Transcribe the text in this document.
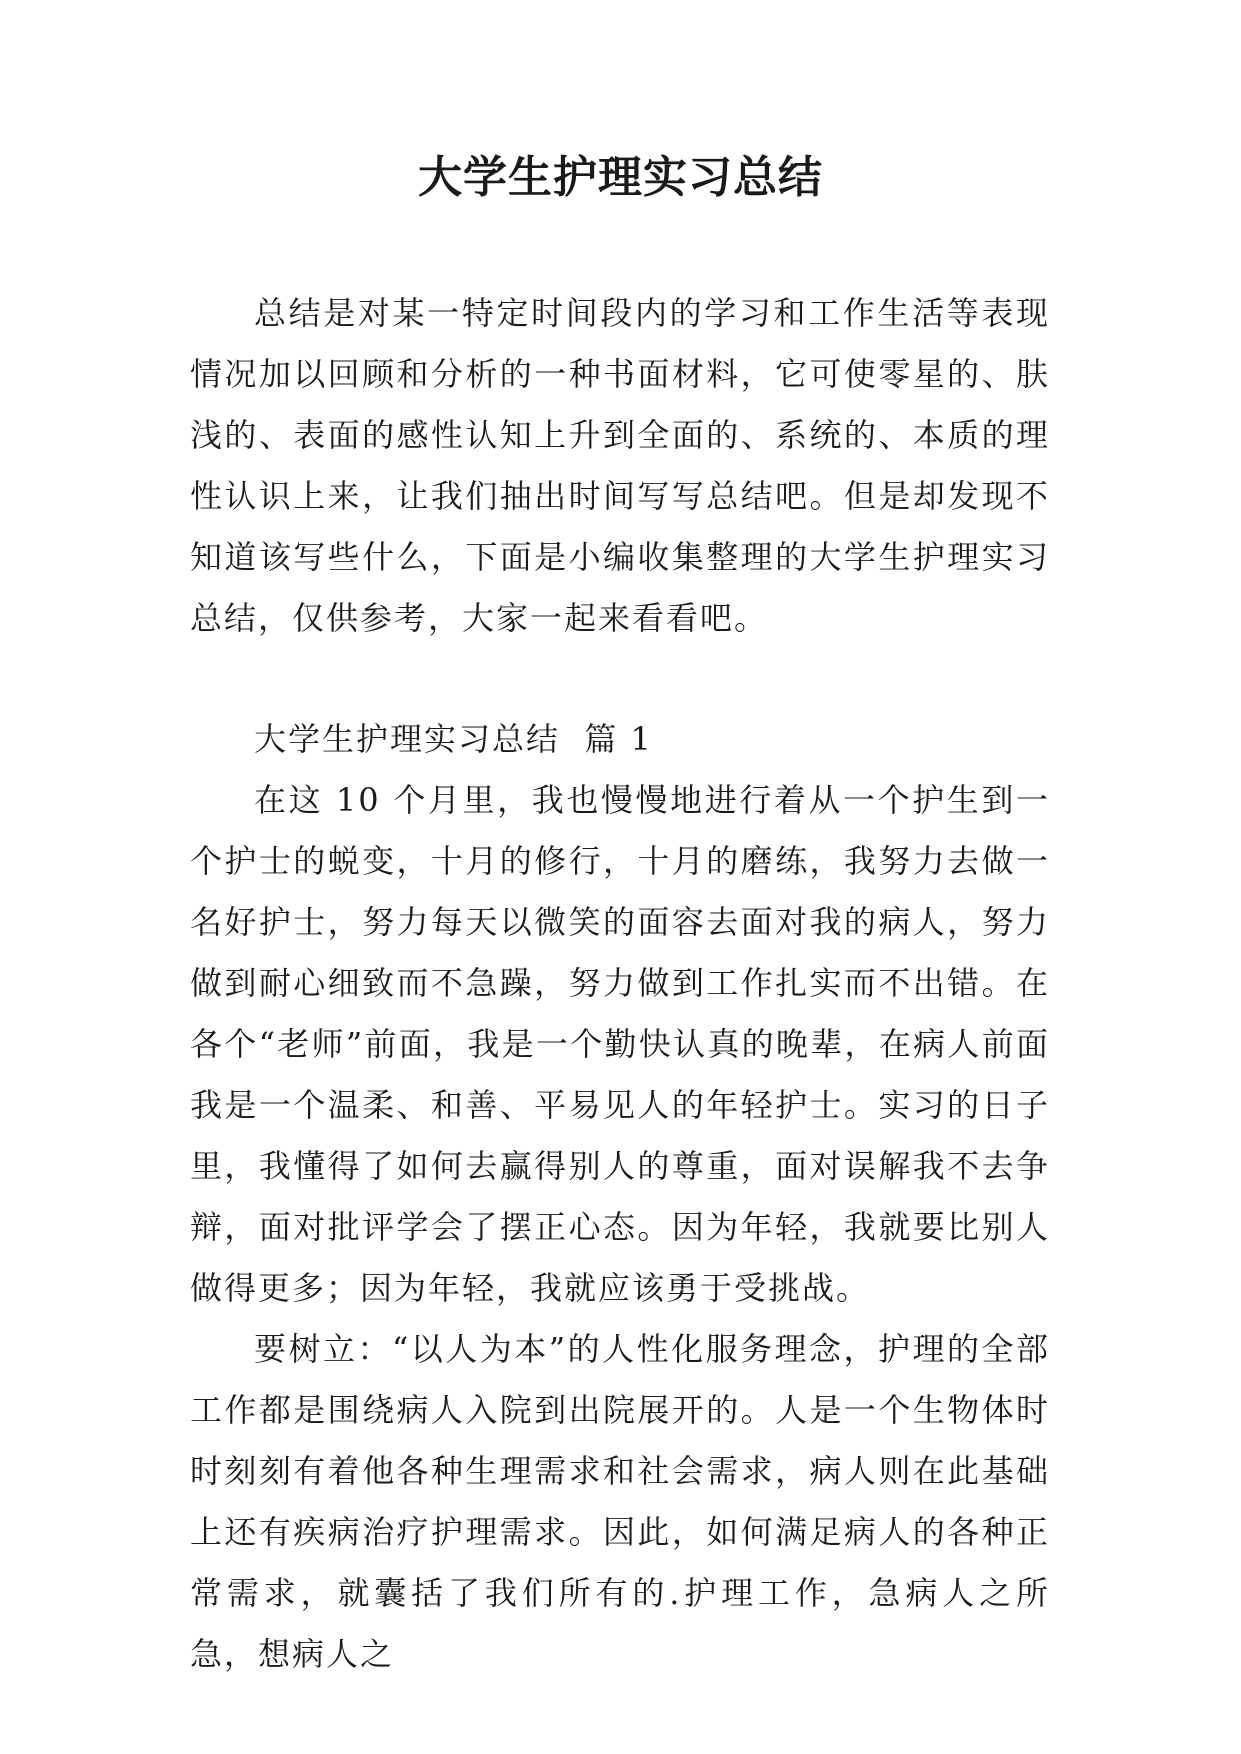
大学生护理实习总结

总结是对某一特定时间段内的学习和工作生活等表现情况加以回顾和分析的一种书面材料，它可使零星的、肤浅的、表面的感性认知上升到全面的、系统的、本质的理性认识上来，让我们抽出时间写写总结吧。但是却发现不知道该写些什么，下面是小编收集整理的大学生护理实习总结，仅供参考，大家一起来看看吧。

大学生护理实习总结  篇 1

在这 10 个月里，我也慢慢地进行着从一个护生到一个护士的蜕变，十月的修行，十月的磨练，我努力去做一名好护士，努力每天以微笑的面容去面对我的病人，努力做到耐心细致而不急躁，努力做到工作扎实而不出错。在各个“老师”前面，我是一个勤快认真的晚辈，在病人前面我是一个温柔、和善、平易见人的年轻护士。实习的日子里，我懂得了如何去赢得别人的尊重，面对误解我不去争辩，面对批评学会了摆正心态。因为年轻，我就要比别人做得更多；因为年轻，我就应该勇于受挑战。

要树立：“以人为本”的人性化服务理念，护理的全部工作都是围绕病人入院到出院展开的。人是一个生物体时时刻刻有着他各种生理需求和社会需求，病人则在此基础上还有疾病治疗护理需求。因此，如何满足病人的各种正常需求，就囊括了我们所有的.护理工作，急病人之所急，想病人之
